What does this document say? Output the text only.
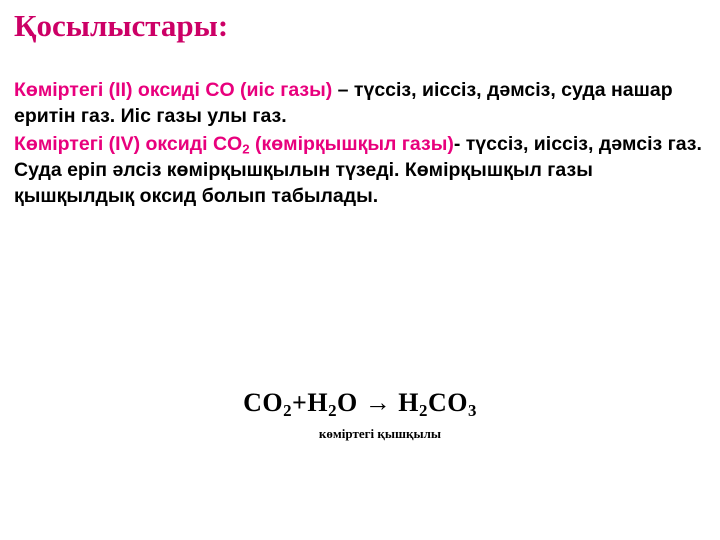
Қосылыстары:

Көміртегі (II) оксиді CO (иіс газы) – түссіз, иіссіз, дәмсіз, суда нашар еритін газ. Иіс газы улы газ.

Көміртегі (IV) оксиді $CO_2$ (көмірқышқыл газы)- түссіз, иіссіз, дәмсіз газ. Суда еріп әлсіз көмірқышқылын түзеді. Көмірқышқыл газы қышқылдық оксид болып табылады.

$CO_2+H_2O \to H_2CO_3$
көміртегі қышқылы
